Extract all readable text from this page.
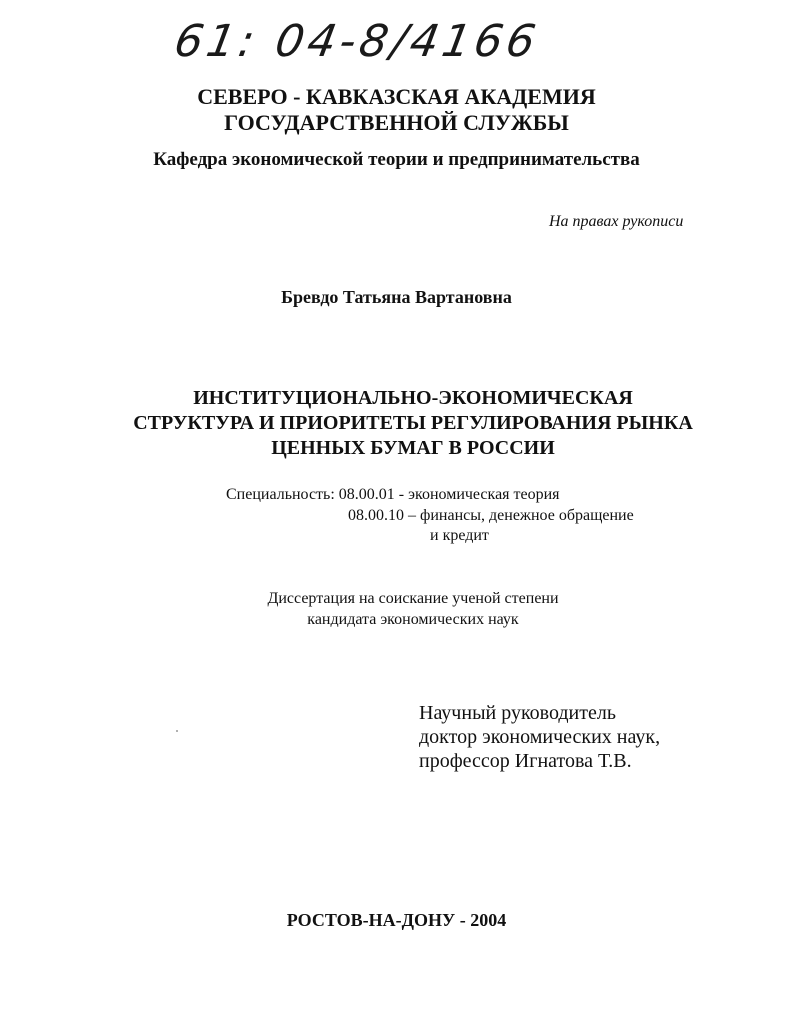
61: 04-8/4166
СЕВЕРО - КАВКАЗСКАЯ АКАДЕМИЯ
ГОСУДАРСТВЕННОЙ СЛУЖБЫ
Кафедра экономической теории и предпринимательства
На правах рукописи
Бревдо Татьяна Вартановна
ИНСТИТУЦИОНАЛЬНО-ЭКОНОМИЧЕСКАЯ
СТРУКТУРА И ПРИОРИТЕТЫ РЕГУЛИРОВАНИЯ РЫНКА
ЦЕННЫХ БУМАГ В РОССИИ
Специальность: 08.00.01 - экономическая теория
08.00.10 – финансы, денежное обращение
и кредит
Диссертация на соискание ученой степени
кандидата экономических наук
Научный руководитель
доктор экономических наук,
профессор Игнатова Т.В.
РОСТОВ-НА-ДОНУ - 2004
